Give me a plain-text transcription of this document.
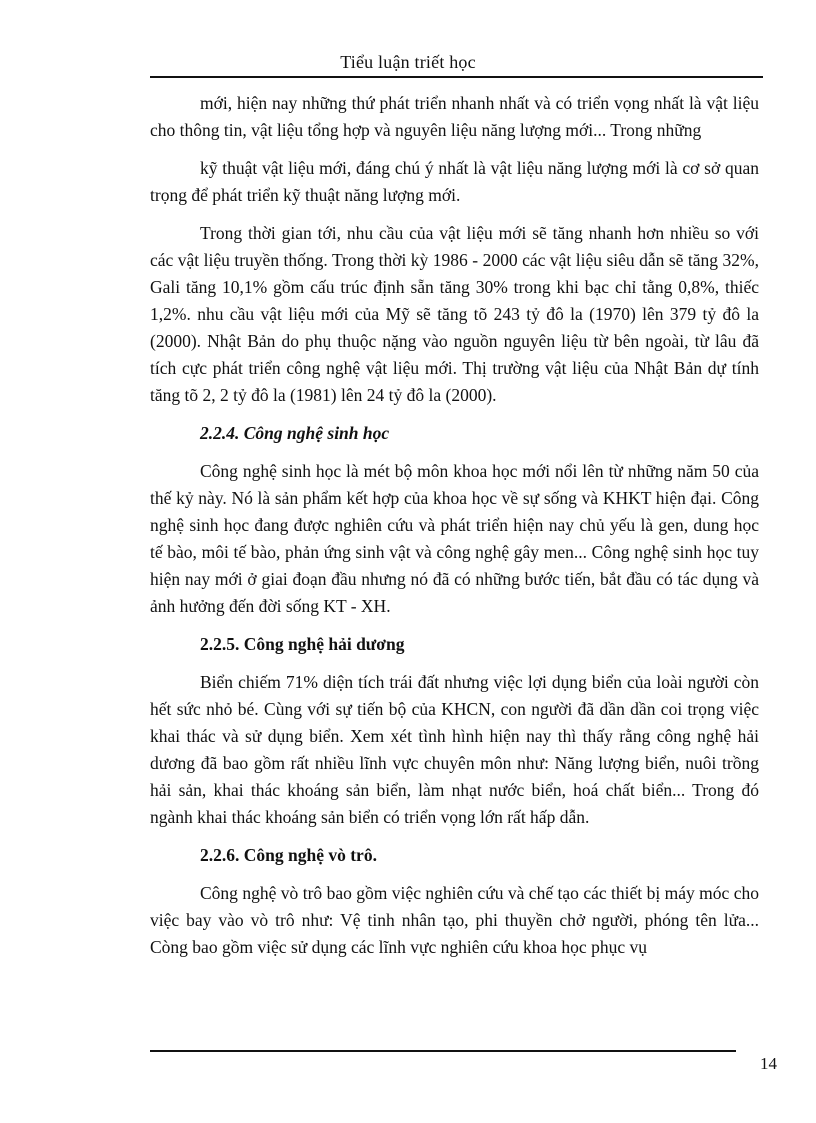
Tiểu luận triết học

mới, hiện nay những thứ phát triển nhanh nhất và có triển vọng nhất là vật liệu cho thông tin, vật liệu tổng hợp và nguyên liệu năng lượng mới... Trong những

kỹ thuật vật liệu mới, đáng chú ý nhất là vật liệu năng lượng mới là cơ sở quan trọng để phát triển kỹ thuật năng lượng mới.

Trong thời gian tới, nhu cầu của vật liệu mới sẽ tăng nhanh hơn nhiều so với các vật liệu truyền thống. Trong thời kỳ 1986 - 2000 các vật liệu siêu dẫn sẽ tăng 32%, Gali tăng 10,1% gồm cấu trúc định sẵn tăng 30% trong khi bạc chỉ tằng 0,8%, thiếc 1,2%. nhu cầu vật liệu mới của Mỹ sẽ tăng tõ 243 tỷ đô la (1970) lên 379 tỷ đô la (2000). Nhật Bản do phụ thuộc nặng vào nguồn nguyên liệu từ bên ngoài, từ lâu đã tích cực phát triển công nghệ vật liệu mới. Thị trường vật liệu của Nhật Bản dự tính tăng tõ 2, 2 tỷ đô la (1981) lên 24 tỷ đô la (2000).

2.2.4. Công nghệ sinh học

Công nghệ sinh học là mét bộ môn khoa học mới nổi lên từ những năm 50 của thế kỷ này. Nó là sản phẩm kết hợp của khoa học về sự sống và KHKT hiện đại. Công nghệ sinh học đang được nghiên cứu và phát triển hiện nay chủ yếu là gen, dung học tế bào, môi tế bào, phản ứng sinh vật và công nghệ gây men... Công nghệ sinh học tuy hiện nay mới ở giai đoạn đầu nhưng nó đã có những bước tiến, bắt đầu có tác dụng và ảnh hưởng đến đời sống KT - XH.

2.2.5. Công nghệ hải dương

Biển chiếm 71% diện tích trái đất nhưng việc lợi dụng biển của loài người còn hết sức nhỏ bé. Cùng với sự tiến bộ của KHCN, con người đã dần dần coi trọng việc khai thác và sử dụng biển. Xem xét tình hình hiện nay thì thấy rằng công nghệ hải dương đã bao gồm rất nhiều lĩnh vực chuyên môn như: Năng lượng biển, nuôi trồng hải sản, khai thác khoáng sản biển, làm nhạt nước biển, hoá chất biển... Trong đó ngành khai thác khoáng sản biển có triển vọng lớn rất hấp dẫn.

2.2.6. Công nghệ vò trô.

Công nghệ vò trô bao gồm việc nghiên cứu và chế tạo các thiết bị máy móc cho việc bay vào vò trô như: Vệ tinh nhân tạo, phi thuyền chở người, phóng tên lửa... Còng bao gồm việc sử dụng các lĩnh vực nghiên cứu khoa học phục vụ

14
